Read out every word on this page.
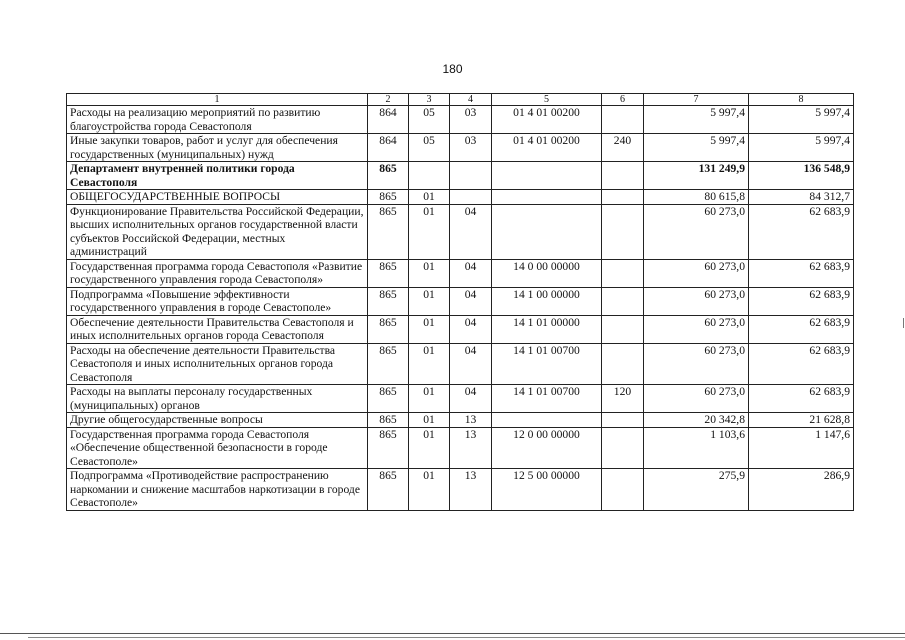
180
1	2	3	4	5	6	7	8
Расходы на реализацию мероприятий по развитию благоустройства города Севастополя	864	05	03	01 4 01 00200		5 997,4	5 997,4
Иные закупки товаров, работ и услуг для обеспечения государственных (муниципальных) нужд	864	05	03	01 4 01 00200	240	5 997,4	5 997,4
Департамент внутренней политики города Севастополя	865					131 249,9	136 548,9
ОБЩЕГОСУДАРСТВЕННЫЕ ВОПРОСЫ	865	01				80 615,8	84 312,7
Функционирование Правительства Российской Федерации, высших исполнительных органов государственной власти субъектов Российской Федерации, местных администраций	865	01	04			60 273,0	62 683,9
Государственная программа города Севастополя «Развитие государственного управления города Севастополя»	865	01	04	14 0 00 00000		60 273,0	62 683,9
Подпрограмма «Повышение эффективности государственного управления в городе Севастополе»	865	01	04	14 1 00 00000		60 273,0	62 683,9
Обеспечение деятельности Правительства Севастополя и иных исполнительных органов города Севастополя	865	01	04	14 1 01 00000		60 273,0	62 683,9
Расходы на обеспечение деятельности Правительства Севастополя и иных исполнительных органов города Севастополя	865	01	04	14 1 01 00700		60 273,0	62 683,9
Расходы на выплаты персоналу государственных (муниципальных) органов	865	01	04	14 1 01 00700	120	60 273,0	62 683,9
Другие общегосударственные вопросы	865	01	13			20 342,8	21 628,8
Государственная программа города Севастополя «Обеспечение общественной безопасности в городе Севастополе»	865	01	13	12 0 00 00000		1 103,6	1 147,6
Подпрограмма «Противодействие распространению наркомании и снижение масштабов наркотизации в городе Севастополе»	865	01	13	12 5 00 00000		275,9	286,9
